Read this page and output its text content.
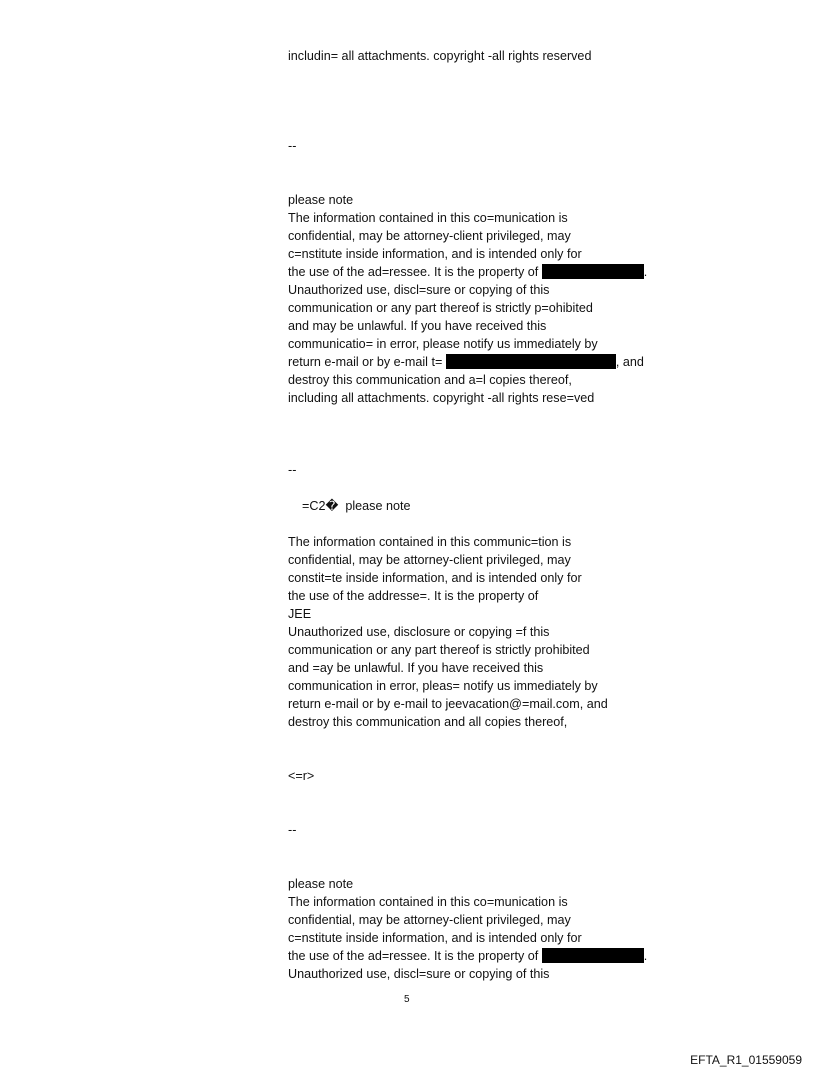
includin= all attachments. copyright -all rights reserved
--
please note
The information contained in this co=munication is
confidential, may be attorney-client privileged, may
c=nstitute inside information, and is intended only for
the use of the ad=ressee. It is the property of	.
Unauthorized use, discl=sure or copying of this
communication or any part thereof is strictly p=ohibited
and may be unlawful. If you have received this
communicatio= in error, please notify us immediately by
return e-mail or by e-mail t=	, and
destroy this communication and a=l copies thereof,
including all attachments. copyright -all rights rese=ved
--
=C2�  please note
The information contained in this communic=tion is
confidential, may be attorney-client privileged, may
constit=te inside information, and is intended only for
the use of the addresse=. It is the property of
JEE
Unauthorized use, disclosure or copying =f this
communication or any part thereof is strictly prohibited
and =ay be unlawful. If you have received this
communication in error, pleas= notify us immediately by
return e-mail or by e-mail to jeevacation@=mail.com, and
destroy this communication and all copies thereof,
<=r>
--
please note
The information contained in this co=munication is
confidential, may be attorney-client privileged, may
c=nstitute inside information, and is intended only for
the use of the ad=ressee. It is the property of	.
Unauthorized use, discl=sure or copying of this
5
EFTA_R1_01559059
